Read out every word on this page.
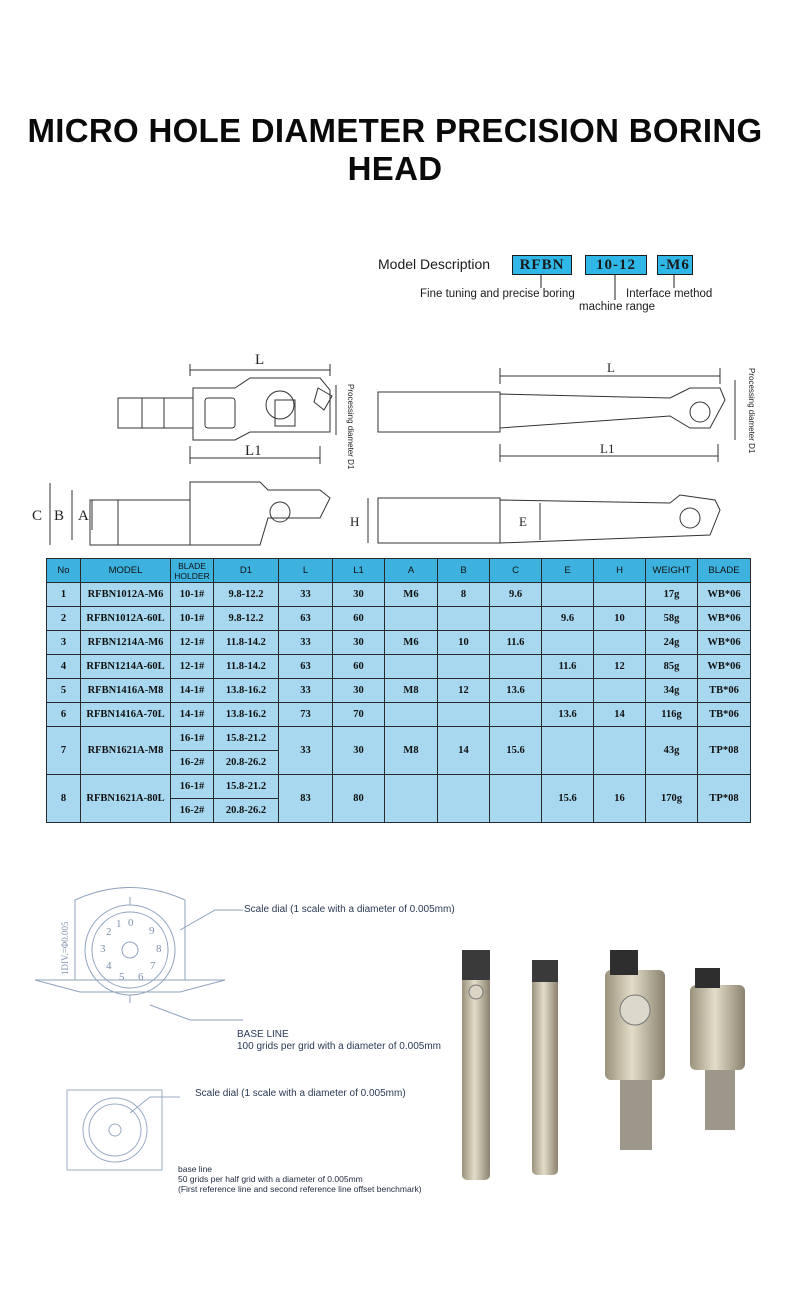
MICRO HOLE DIAMETER PRECISION BORING HEAD
Model Description	RFBN	10-12	-M6
Fine tuning and precise boring
machine range
Interface method
L
L1	Processing diameter D1
C B A
L
L1	Processing diameter D1
H	E
No	MODEL	BLADE HOLDER	D1	L	L1	A	B	C	E	H	WEIGHT	BLADE
1	RFBN1012A-M6	10-1#	9.8-12.2	33	30	M6	8	9.6			17g	WB*06
2	RFBN1012A-60L	10-1#	9.8-12.2	63	60				9.6	10	58g	WB*06
3	RFBN1214A-M6	12-1#	11.8-14.2	33	30	M6	10	11.6			24g	WB*06
4	RFBN1214A-60L	12-1#	11.8-14.2	63	60				11.6	12	85g	WB*06
5	RFBN1416A-M8	14-1#	13.8-16.2	33	30	M8	12	13.6			34g	TB*06
6	RFBN1416A-70L	14-1#	13.8-16.2	73	70				13.6	14	116g	TB*06
7	RFBN1621A-M8	16-1#	15.8-21.2	33	30	M8	14	15.6			43g	TP*08
		16-2#	20.8-26.2									
8	RFBN1621A-80L	16-1#	15.8-21.2	83	80				15.6	16	170g	TP*08
		16-2#	20.8-26.2									
0
9
8
7
6
5
4
3
2
1
1DIV.=Φ0.005
Scale dial (1 scale with a diameter of 0.005mm)
BASE LINE
100 grids per grid with a diameter of 0.005mm
Scale dial (1 scale with a diameter of 0.005mm)
base line
50 grids per half grid with a diameter of 0.005mm
(First reference line and second reference line offset benchmark)
